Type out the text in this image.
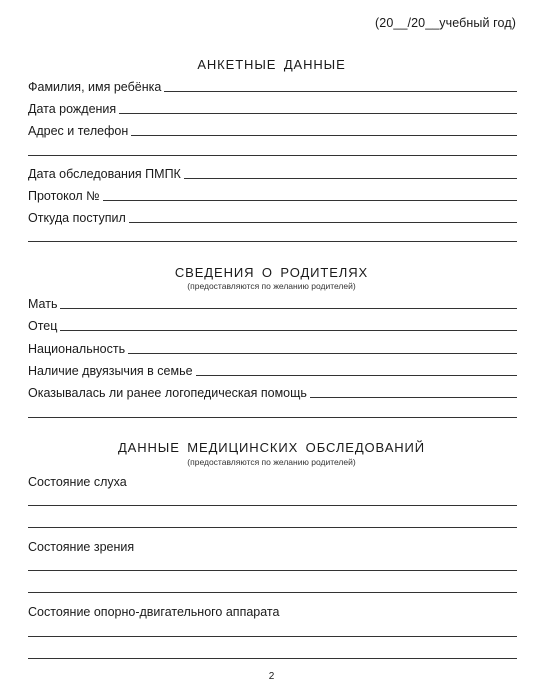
(20__/20__учебный год)
АНКЕТНЫЕ ДАННЫЕ
Фамилия, имя ребёнка
Дата рождения
Адрес и телефон
Дата обследования ПМПК
Протокол №
Откуда поступил
СВЕДЕНИЯ О РОДИТЕЛЯХ
(предоставляются по желанию родителей)
Мать
Отец
Национальность
Наличие двуязычия в семье
Оказывалась ли ранее логопедическая помощь
ДАННЫЕ МЕДИЦИНСКИХ ОБСЛЕДОВАНИЙ
(предоставляются по желанию родителей)
Состояние слуха
Состояние зрения
Состояние опорно-двигательного аппарата
2
